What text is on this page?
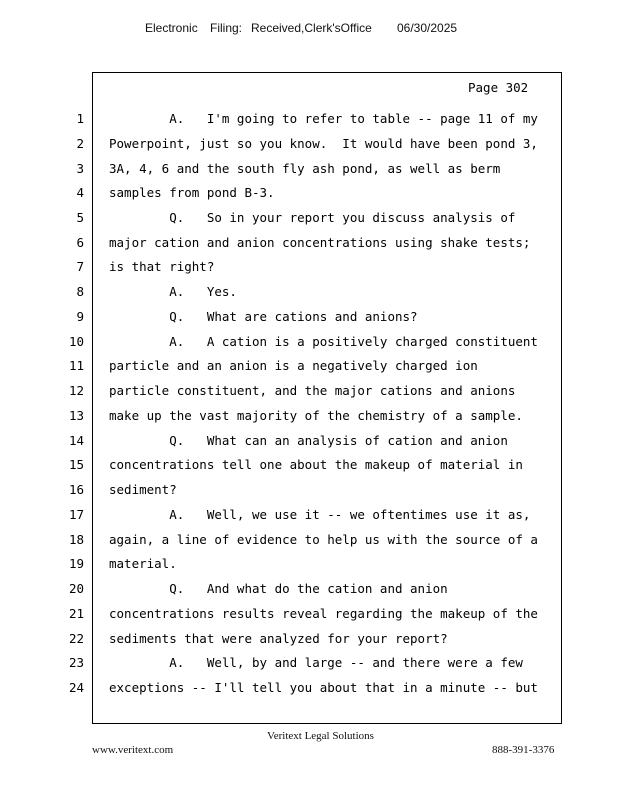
Electronic Filing: Received,Clerk'sOffice 06/30/2025
Page 302
1 A.   I'm going to refer to table -- page 11 of my
2 Powerpoint, just so you know.  It would have been pond 3,
3 3A, 4, 6 and the south fly ash pond, as well as berm
4 samples from pond B-3.
5 Q.   So in your report you discuss analysis of
6 major cation and anion concentrations using shake tests;
7 is that right?
8 A.   Yes.
9 Q.   What are cations and anions?
10 A.   A cation is a positively charged constituent
11 particle and an anion is a negatively charged ion
12 particle constituent, and the major cations and anions
13 make up the vast majority of the chemistry of a sample.
14 Q.   What can an analysis of cation and anion
15 concentrations tell one about the makeup of material in
16 sediment?
17 A.   Well, we use it -- we oftentimes use it as,
18 again, a line of evidence to help us with the source of a
19 material.
20 Q.   And what do the cation and anion
21 concentrations results reveal regarding the makeup of the
22 sediments that were analyzed for your report?
23 A.   Well, by and large -- and there were a few
24 exceptions -- I'll tell you about that in a minute -- but
Veritext Legal Solutions
www.veritext.com	888-391-3376
